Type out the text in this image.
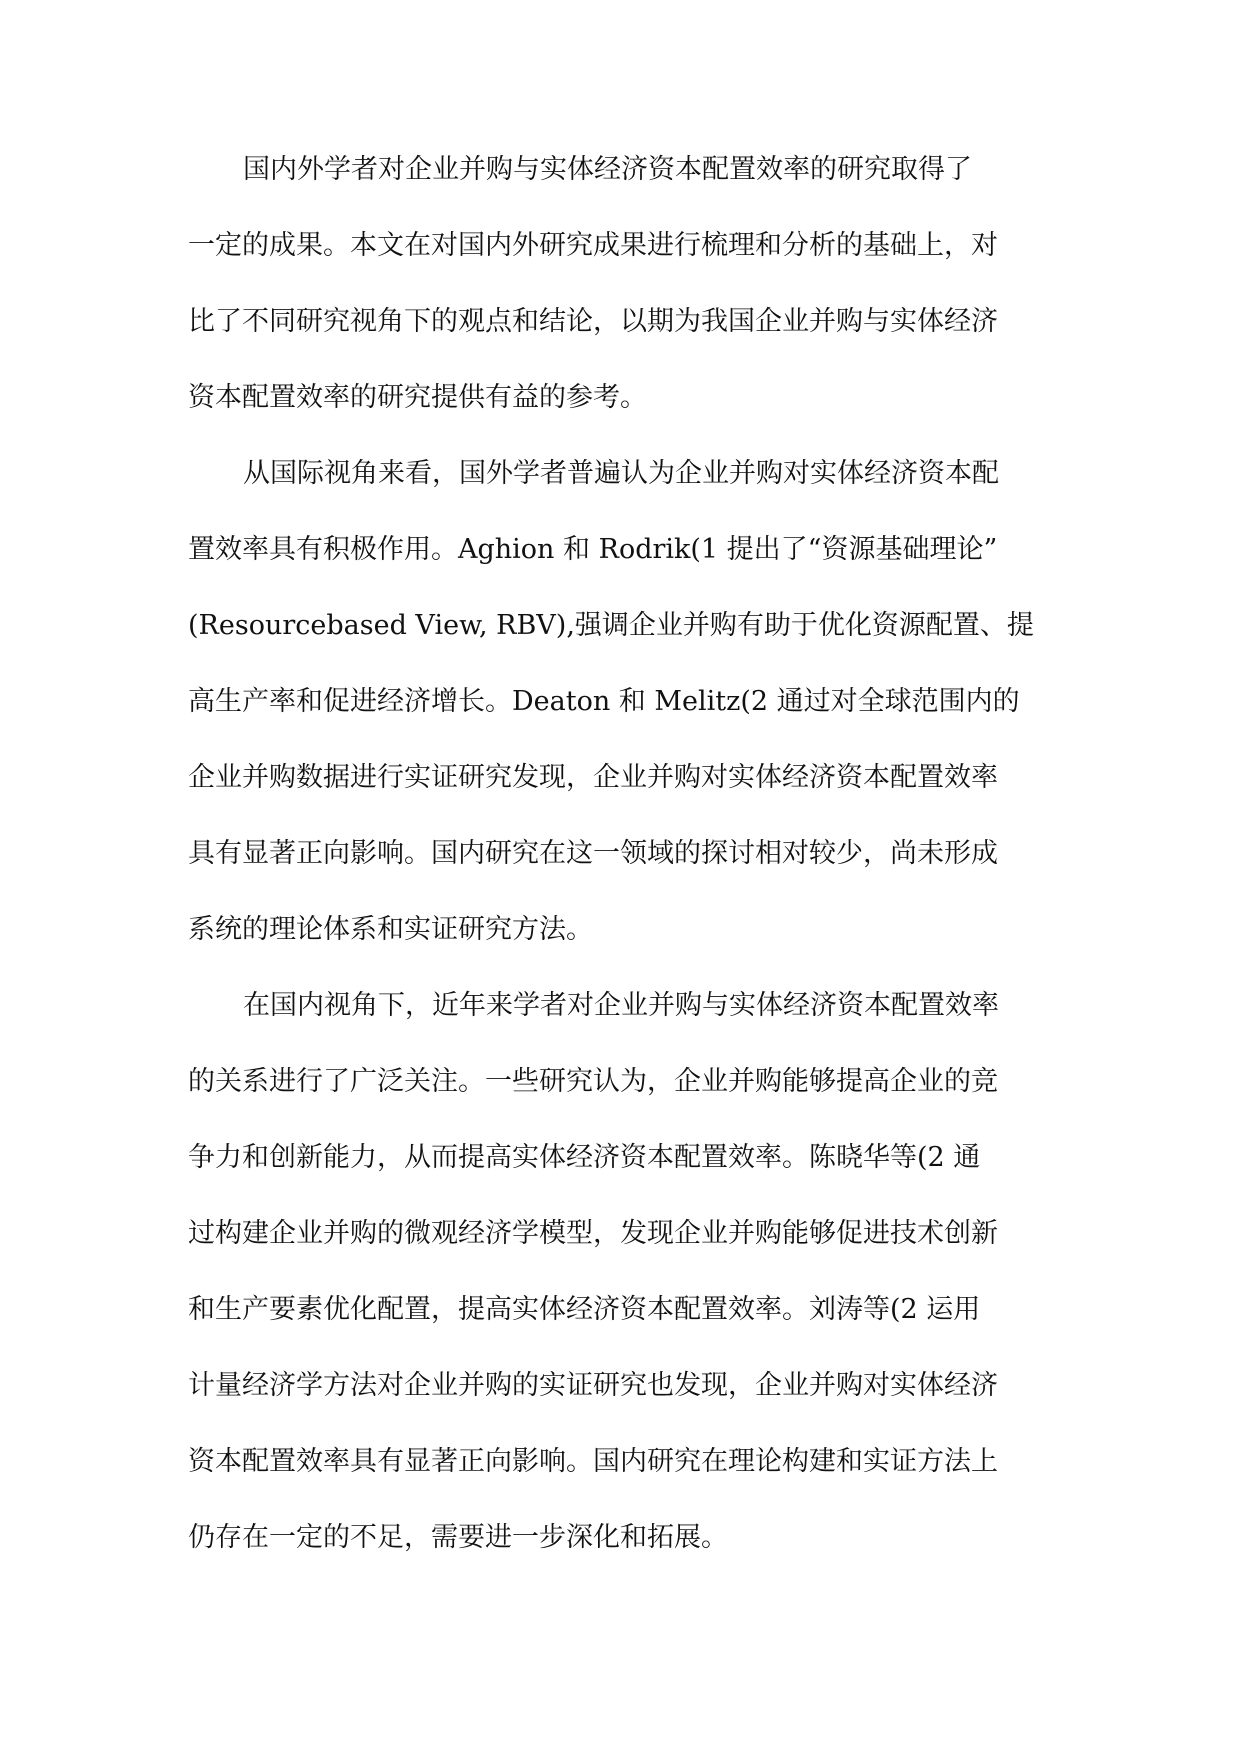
国内外学者对企业并购与实体经济资本配置效率的研究取得了
一定的成果。本文在对国内外研究成果进行梳理和分析的基础上，对
比了不同研究视角下的观点和结论，以期为我国企业并购与实体经济
资本配置效率的研究提供有益的参考。
从国际视角来看，国外学者普遍认为企业并购对实体经济资本配
置效率具有积极作用。Aghion 和 Rodrik(1 提出了“资源基础理论”
(Resourcebased View, RBV),强调企业并购有助于优化资源配置、提
高生产率和促进经济增长。Deaton 和 Melitz(2 通过对全球范围内的
企业并购数据进行实证研究发现，企业并购对实体经济资本配置效率
具有显著正向影响。国内研究在这一领域的探讨相对较少，尚未形成
系统的理论体系和实证研究方法。
在国内视角下，近年来学者对企业并购与实体经济资本配置效率
的关系进行了广泛关注。一些研究认为，企业并购能够提高企业的竞
争力和创新能力，从而提高实体经济资本配置效率。陈晓华等(2 通
过构建企业并购的微观经济学模型，发现企业并购能够促进技术创新
和生产要素优化配置，提高实体经济资本配置效率。刘涛等(2 运用
计量经济学方法对企业并购的实证研究也发现，企业并购对实体经济
资本配置效率具有显著正向影响。国内研究在理论构建和实证方法上
仍存在一定的不足，需要进一步深化和拓展。
